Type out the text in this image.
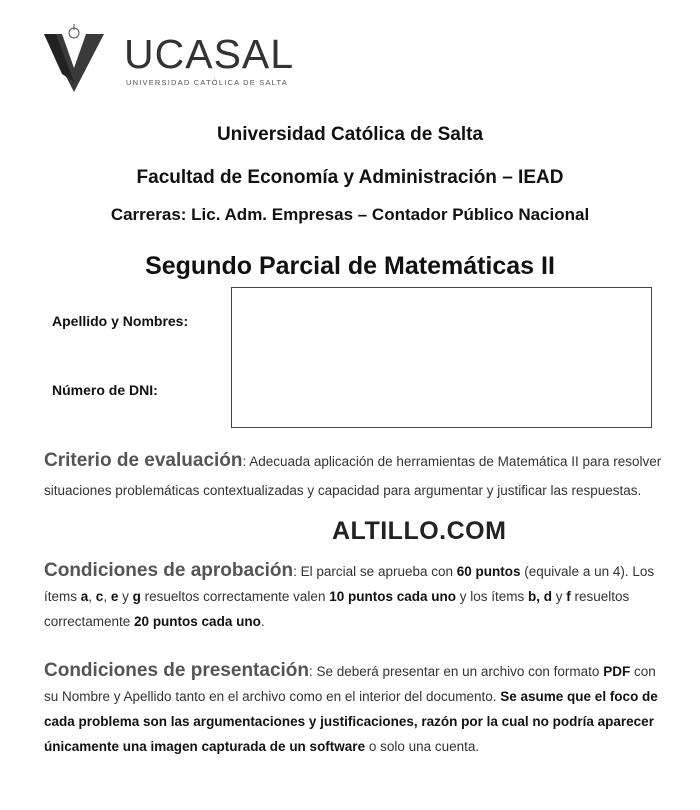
UCASAL
UNIVERSIDAD CATÓLICA DE SALTA
Universidad Católica de Salta
Facultad de Economía y Administración – IEAD
Carreras: Lic. Adm. Empresas – Contador Público Nacional
Segundo Parcial de Matemáticas II
Apellido y Nombres:
Número de DNI:
Criterio de evaluación: Adecuada aplicación de herramientas de Matemática II para resolver situaciones problemáticas contextualizadas y capacidad para argumentar y justificar las respuestas.
ALTILLO.COM
Condiciones de aprobación: El parcial se aprueba con 60 puntos (equivale a un 4). Los ítems a, c, e y g resueltos correctamente valen 10 puntos cada uno y los ítems b, d y f resueltos correctamente 20 puntos cada uno.
Condiciones de presentación: Se deberá presentar en un archivo con formato PDF con su Nombre y Apellido tanto en el archivo como en el interior del documento. Se asume que el foco de cada problema son las argumentaciones y justificaciones, razón por la cual no podría aparecer únicamente una imagen capturada de un software o solo una cuenta.
